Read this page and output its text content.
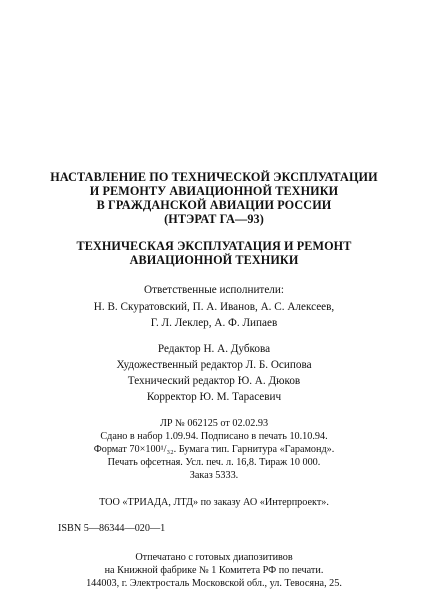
НАСТАВЛЕНИЕ ПО ТЕХНИЧЕСКОЙ ЭКСПЛУАТАЦИИ
И РЕМОНТУ АВИАЦИОННОЙ ТЕХНИКИ
В ГРАЖДАНСКОЙ АВИАЦИИ РОССИИ
(НТЭРАТ ГА—93)
ТЕХНИЧЕСКАЯ ЭКСПЛУАТАЦИЯ И РЕМОНТ
АВИАЦИОННОЙ ТЕХНИКИ
Ответственные исполнители:
Н. В. Скуратовский, П. А. Иванов, А. С. Алексеев,
Г. Л. Леклер, А. Ф. Липаев
Редактор Н. А. Дубкова
Художественный редактор Л. Б. Осипова
Технический редактор Ю. А. Дюков
Корректор Ю. М. Тарасевич
ЛР № 062125 от 02.02.93
Сдано в набор 1.09.94. Подписано в печать 10.10.94.
Формат 70×100¹/₃₂. Бумага тип. Гарнитура «Гарамонд».
Печать офсетная. Усл. печ. л. 16,8. Тираж 10 000.
Заказ 5333.
ТОО «ТРИАДА, ЛТД» по заказу АО «Интерпроект».
ISBN 5—86344—020—1
Отпечатано с готовых диапозитивов
на Книжной фабрике № 1 Комитета РФ по печати.
144003, г. Электросталь Московской обл., ул. Тевосяна, 25.
